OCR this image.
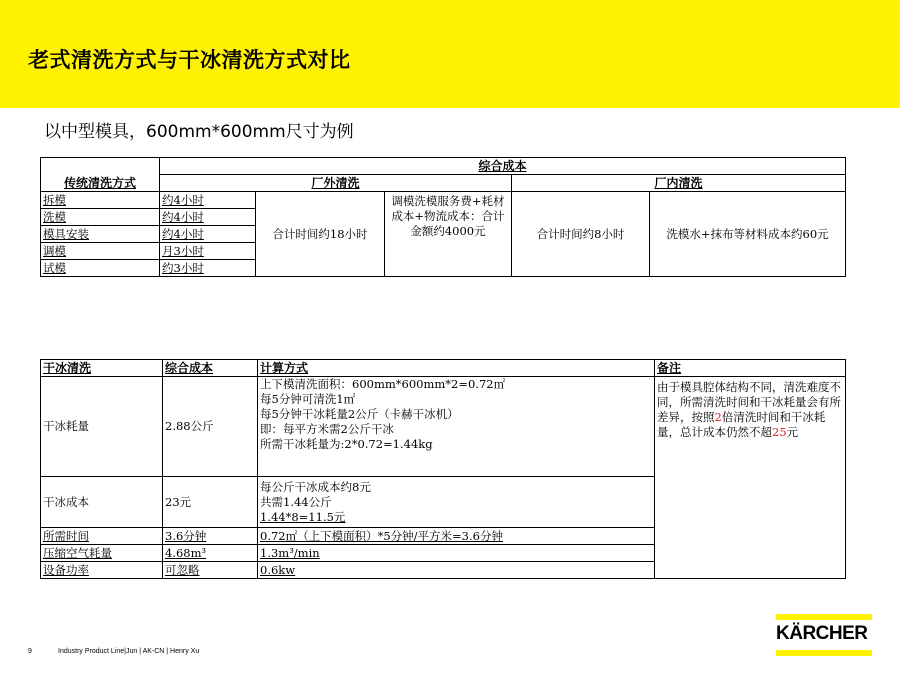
老式清洗方式与干冰清洗方式对比
以中型模具，600mm*600mm尺寸为例
传统清洗方式	综合成本				
	厂外清洗			厂内清洗	
拆模	约4小时	合计时间约18小时	调模洗模服务费+耗材成本+物流成本：合计金额约4000元	合计时间约8小时	洗模水+抹布等材料成本约60元
洗模	约4小时				
模具安装	约4小时				
调模	月3小时				
试模	约3小时				
干冰清洗	综合成本	计算方式	备注
干冰耗量	2.88公斤	上下模清洗面积：600mm*600mm*2=0.72㎡
每5分钟可清洗1㎡
每5分钟干冰耗量2公斤（卡赫干冰机）
即：每平方米需2公斤干冰
所需干冰耗量为:2*0.72=1.44kg	由于模具腔体结构不同，清洗难度不同，所需清洗时间和干冰耗量会有所差异，按照2倍清洗时间和干冰耗量，总计成本仍然不超25元
干冰成本	23元	每公斤干冰成本约8元
共需1.44公斤
1.44*8=11.5元	

所需时间	3.6分钟	0.72㎡（上下模面积）*5分钟/平方米=3.6分钟	
压缩空气耗量	4.68m³	1.3m³/min	
设备功率	可忽略	0.6kw	
9	Industry Product Line|Jun | AK-CN | Henry Xu
KÄRCHER
